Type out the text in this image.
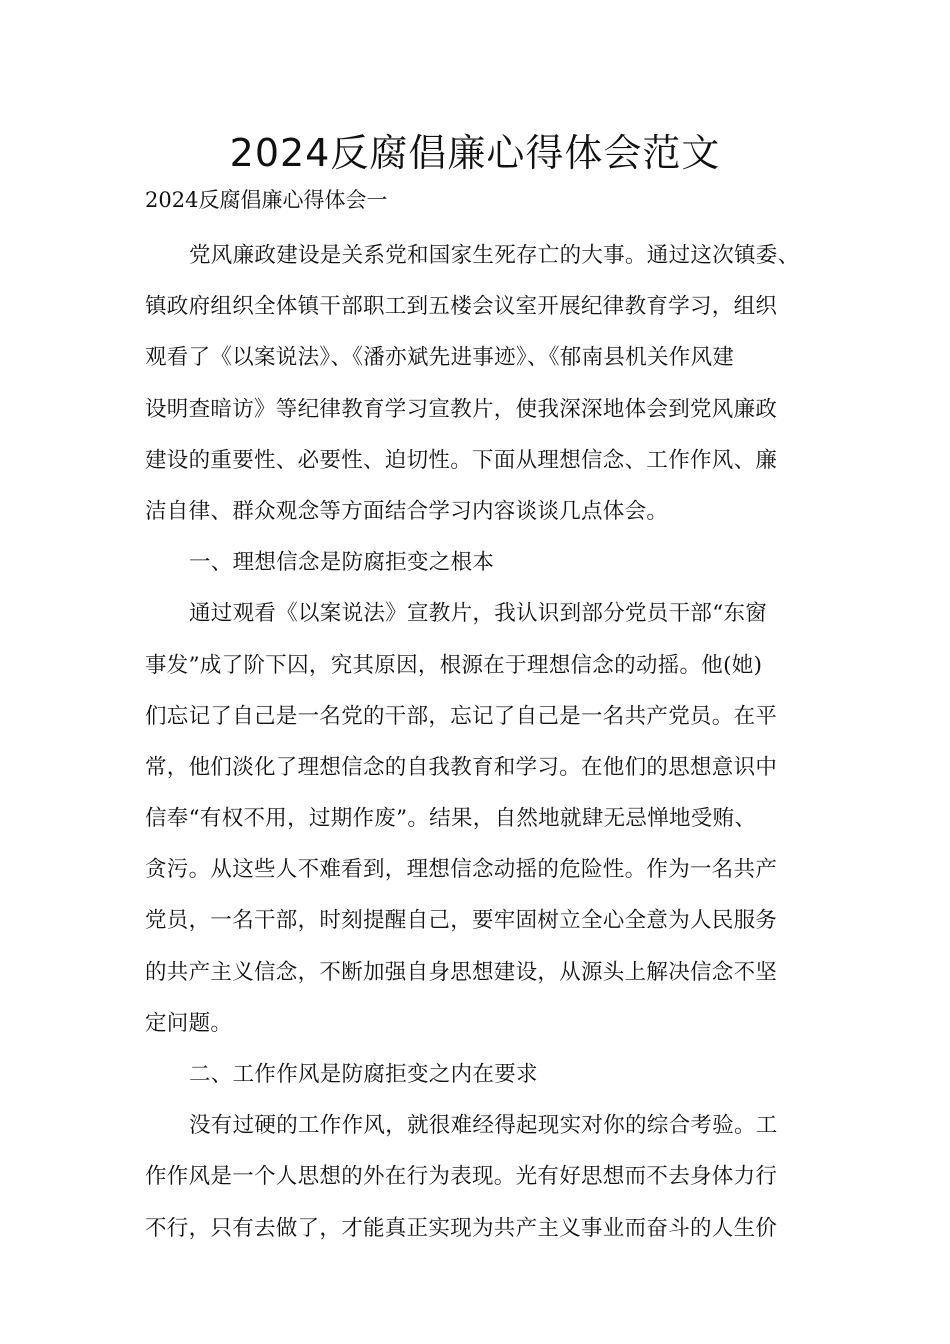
2024反腐倡廉心得体会范文

2024反腐倡廉心得体会一

党风廉政建设是关系党和国家生死存亡的大事。通过这次镇委、
镇政府组织全体镇干部职工到五楼会议室开展纪律教育学习，组织
观看了《以案说法》、《潘亦斌先进事迹》、《郁南县机关作风建
设明查暗访》等纪律教育学习宣教片，使我深深地体会到党风廉政
建设的重要性、必要性、迫切性。下面从理想信念、工作作风、廉
洁自律、群众观念等方面结合学习内容谈谈几点体会。
一、理想信念是防腐拒变之根本
通过观看《以案说法》宣教片，我认识到部分党员干部“东窗
事发”成了阶下囚，究其原因，根源在于理想信念的动摇。他(她)
们忘记了自己是一名党的干部，忘记了自己是一名共产党员。在平
常，他们淡化了理想信念的自我教育和学习。在他们的思想意识中
信奉“有权不用，过期作废”。结果，自然地就肆无忌惮地受贿、
贪污。从这些人不难看到，理想信念动摇的危险性。作为一名共产
党员，一名干部，时刻提醒自己，要牢固树立全心全意为人民服务
的共产主义信念，不断加强自身思想建设，从源头上解决信念不坚
定问题。
二、工作作风是防腐拒变之内在要求
没有过硬的工作作风，就很难经得起现实对你的综合考验。工
作作风是一个人思想的外在行为表现。光有好思想而不去身体力行
不行，只有去做了，才能真正实现为共产主义事业而奋斗的人生价
